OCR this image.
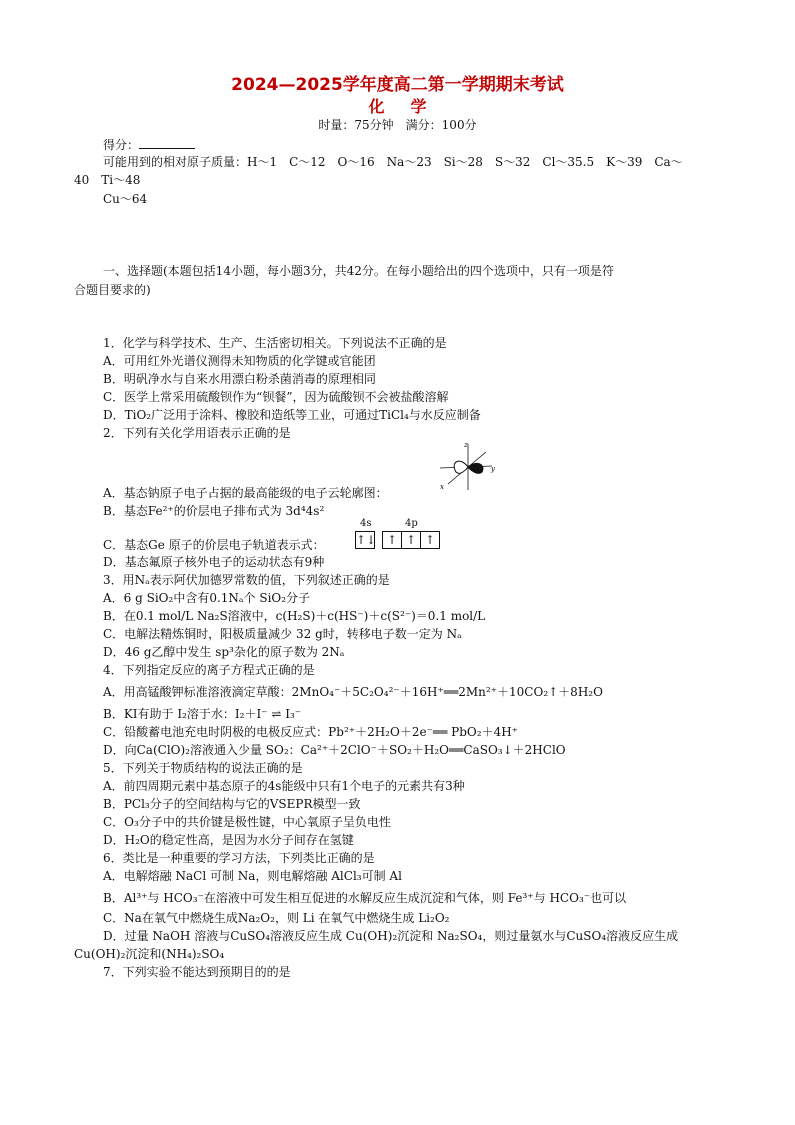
2024—2025学年度高二第一学期期末考试
化学
时量：75分钟　满分：100分
得分：
可能用到的相对原子质量：H～1　C～12　O～16　Na～23　Si～28　S～32　Cl～35.5　K～39　Ca～
40　Ti～48
Cu～64
一、选择题(本题包括14小题，每小题3分，共42分。在每小题给出的四个选项中，只有一项是符
合题目要求的)
1．化学与科学技术、生产、生活密切相关。下列说法不正确的是
A．可用红外光谱仪测得未知物质的化学键或官能团
B．明矾净水与自来水用漂白粉杀菌消毒的原理相同
C．医学上常采用硫酸钡作为“钡餐”，因为硫酸钡不会被盐酸溶解
D．TiO₂广泛用于涂料、橡胶和造纸等工业，可通过TiCl₄与水反应制备
2．下列有关化学用语表示正确的是
A．基态钠原子电子占据的最高能级的电子云轮廓图：
B．基态Fe²⁺的价层电子排布式为 3d⁴4s²
C．基态Ge 原子的价层电子轨道表示式：
D．基态氟原子核外电子的运动状态有9种
3．用Nₐ表示阿伏加德罗常数的值，下列叙述正确的是
A．6 g SiO₂中含有0.1Nₐ个 SiO₂分子
B．在0.1 mol/L Na₂S溶液中，c(H₂S)＋c(HS⁻)＋c(S²⁻)＝0.1 mol/L
C．电解法精炼铜时，阳极质量减少 32 g时，转移电子数一定为 Nₐ
D．46 g乙醇中发生 sp³杂化的原子数为 2Nₐ
4．下列指定反应的离子方程式正确的是
A．用高锰酸钾标准溶液滴定草酸：2MnO₄⁻＋5C₂O₄²⁻＋16H⁺══2Mn²⁺＋10CO₂↑＋8H₂O
B．KI有助于 I₂溶于水：I₂＋I⁻ ⇌ I₃⁻
C．铅酸蓄电池充电时阴极的电极反应式：Pb²⁺＋2H₂O＋2e⁻══ PbO₂＋4H⁺
D．向Ca(ClO)₂溶液通入少量 SO₂：Ca²⁺＋2ClO⁻＋SO₂＋H₂O══CaSO₃↓＋2HClO
5．下列关于物质结构的说法正确的是
A．前四周期元素中基态原子的4s能级中只有1个电子的元素共有3种
B．PCl₃分子的空间结构与它的VSEPR模型一致
C．O₃分子中的共价键是极性键，中心氧原子呈负电性
D．H₂O的稳定性高，是因为水分子间存在氢键
6．类比是一种重要的学习方法，下列类比正确的是
A．电解熔融 NaCl 可制 Na，则电解熔融 AlCl₃可制 Al
B．Al³⁺与 HCO₃⁻在溶液中可发生相互促进的水解反应生成沉淀和气体，则 Fe³⁺与 HCO₃⁻也可以
C．Na在氧气中燃烧生成Na₂O₂，则 Li 在氧气中燃烧生成 Li₂O₂
D．过量 NaOH 溶液与CuSO₄溶液反应生成 Cu(OH)₂沉淀和 Na₂SO₄，则过量氨水与CuSO₄溶液反应生成
Cu(OH)₂沉淀和(NH₄)₂SO₄
7．下列实验不能达到预期目的的是
z
y
x
4s	4p
↑↓ ↑ ↑ ↑
